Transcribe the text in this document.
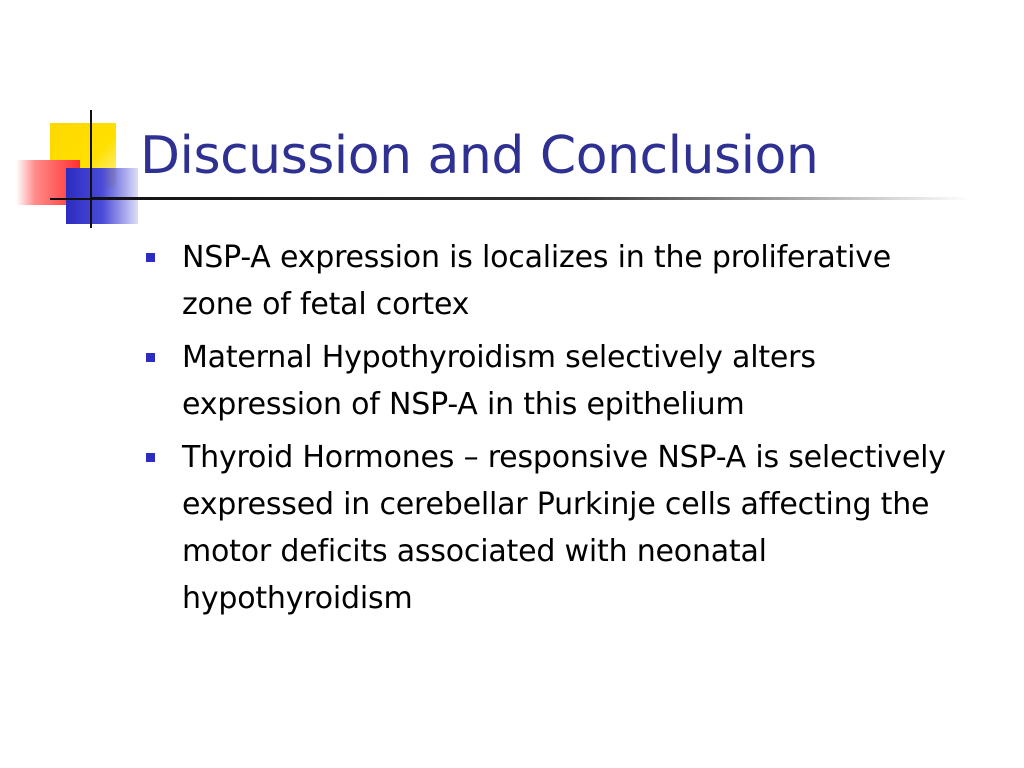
Discussion and Conclusion
NSP-A expression is localizes in the proliferative zone of fetal cortex
Maternal Hypothyroidism selectively alters expression of NSP-A in this epithelium
Thyroid Hormones – responsive NSP-A is selectively expressed in cerebellar Purkinje cells affecting the motor deficits associated with neonatal hypothyroidism
